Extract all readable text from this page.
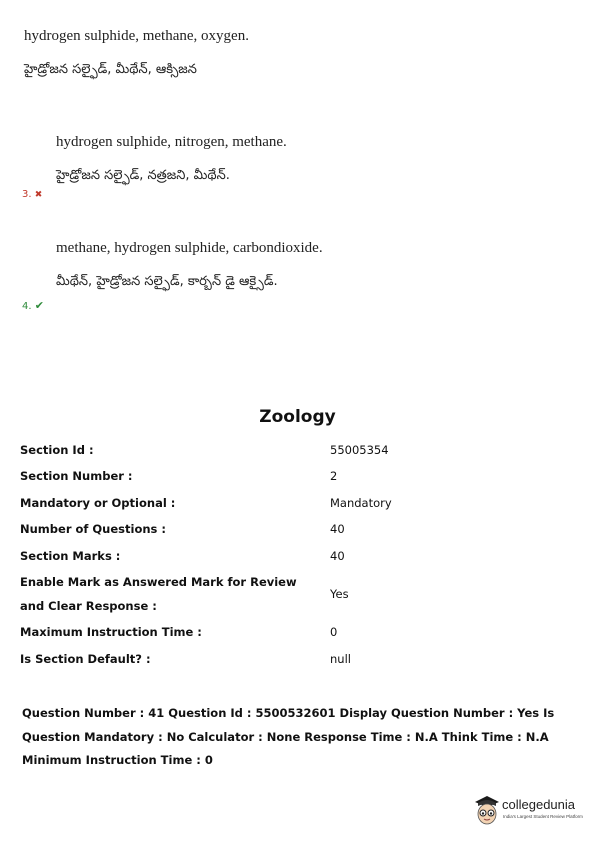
hydrogen sulphide, methane, oxygen.
హైడ్రోజన సల్ఫైడ్, మీథేన్, ఆక్సిజన
hydrogen sulphide, nitrogen, methane.
హైడ్రోజన సల్ఫైడ్, నత్రజని, మీథేన్.
3. ✖
methane, hydrogen sulphide, carbondioxide.
మీథేన్, హైడ్రోజన సల్ఫైడ్, కార్బన్ డై ఆక్సైడ్.
4. ✔
Zoology
Section Id :	55005354
Section Number :	2
Mandatory or Optional :	Mandatory
Number of Questions :	40
Section Marks :	40
Enable Mark as Answered Mark for Review and Clear Response :
Yes
Maximum Instruction Time :	0
Is Section Default? :	null
Question Number : 41 Question Id : 5500532601 Display Question Number : Yes Is Question Mandatory : No Calculator : None Response Time : N.A Think Time : N.A Minimum Instruction Time : 0
collegedunia
India's Largest Student Review Platform
